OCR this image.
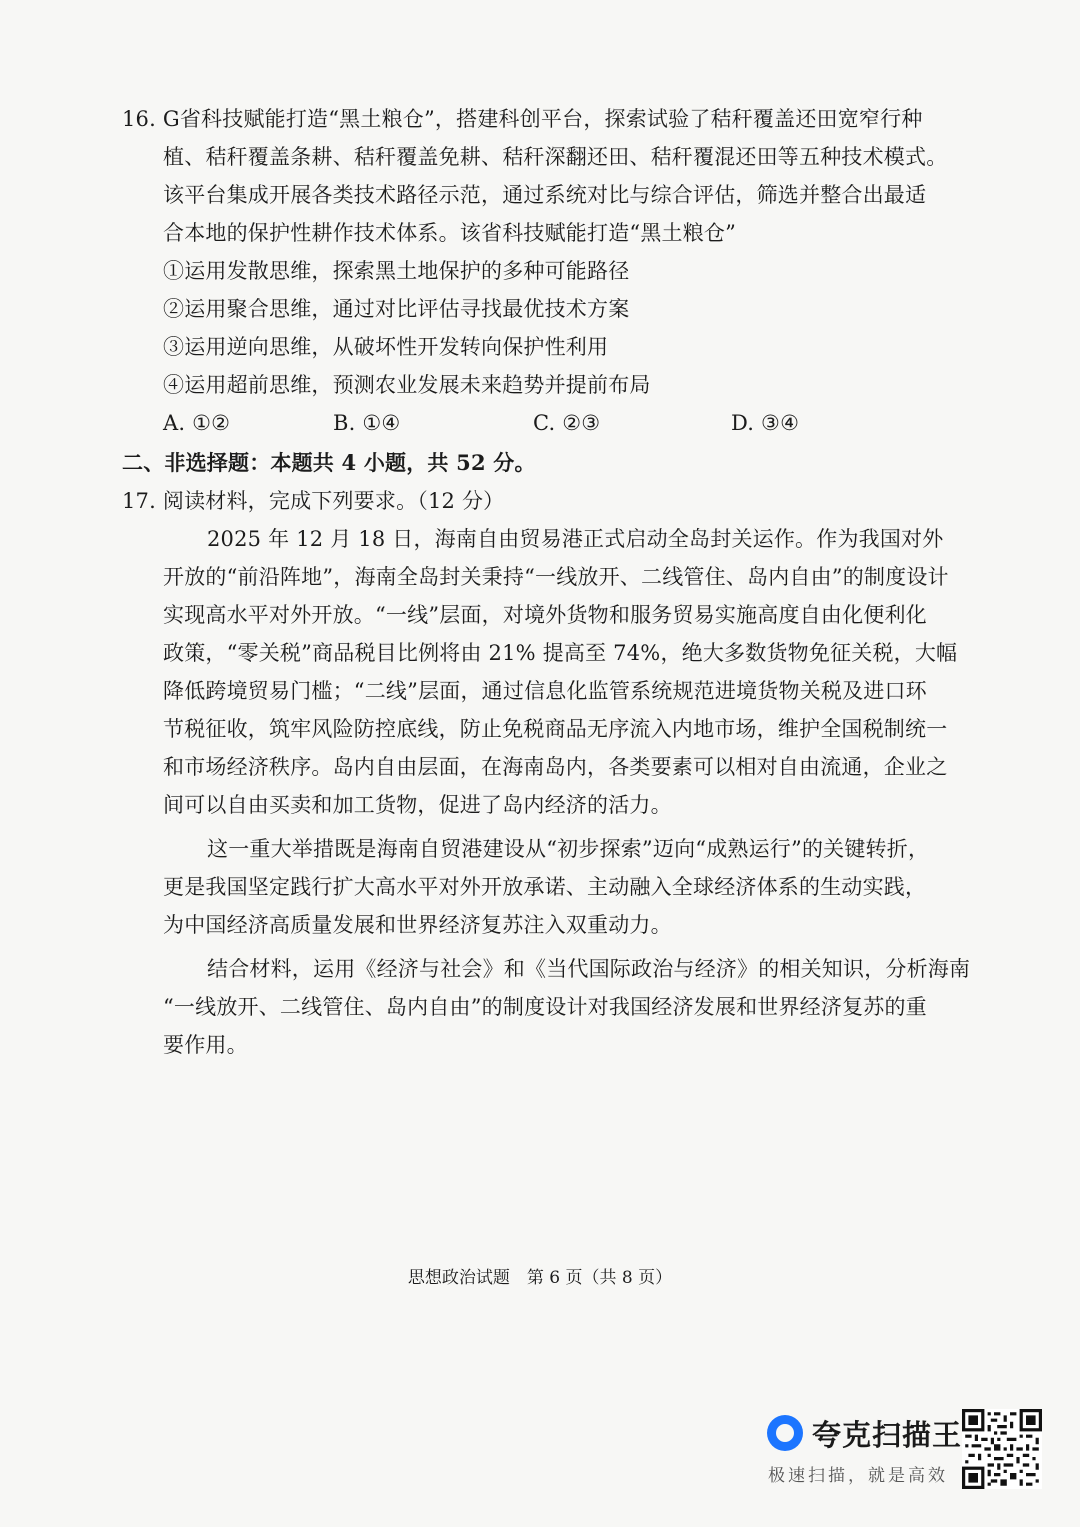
16. G省科技赋能打造“黑土粮仓”，搭建科创平台，探索试验了秸秆覆盖还田宽窄行种
植、秸秆覆盖条耕、秸秆覆盖免耕、秸秆深翻还田、秸秆覆混还田等五种技术模式。
该平台集成开展各类技术路径示范，通过系统对比与综合评估，筛选并整合出最适
合本地的保护性耕作技术体系。该省科技赋能打造“黑土粮仓”
①运用发散思维，探索黑土地保护的多种可能路径
②运用聚合思维，通过对比评估寻找最优技术方案
③运用逆向思维，从破坏性开发转向保护性利用
④运用超前思维，预测农业发展未来趋势并提前布局
A. ①②	B. ①④	C. ②③	D. ③④
二、非选择题：本题共 4 小题，共 52 分。
17. 阅读材料，完成下列要求。（12 分）
2025 年 12 月 18 日，海南自由贸易港正式启动全岛封关运作。作为我国对外
开放的“前沿阵地”，海南全岛封关秉持“一线放开、二线管住、岛内自由”的制度设计
实现高水平对外开放。“一线”层面，对境外货物和服务贸易实施高度自由化便利化
政策，“零关税”商品税目比例将由 21% 提高至 74%，绝大多数货物免征关税，大幅
降低跨境贸易门槛；“二线”层面，通过信息化监管系统规范进境货物关税及进口环
节税征收，筑牢风险防控底线，防止免税商品无序流入内地市场，维护全国税制统一
和市场经济秩序。岛内自由层面，在海南岛内，各类要素可以相对自由流通，企业之
间可以自由买卖和加工货物，促进了岛内经济的活力。
这一重大举措既是海南自贸港建设从“初步探索”迈向“成熟运行”的关键转折，
更是我国坚定践行扩大高水平对外开放承诺、主动融入全球经济体系的生动实践，
为中国经济高质量发展和世界经济复苏注入双重动力。
结合材料，运用《经济与社会》和《当代国际政治与经济》的相关知识，分析海南
“一线放开、二线管住、岛内自由”的制度设计对我国经济发展和世界经济复苏的重
要作用。
思想政治试题　第 6 页（共 8 页）
夸克扫描王
极速扫描，就是高效
